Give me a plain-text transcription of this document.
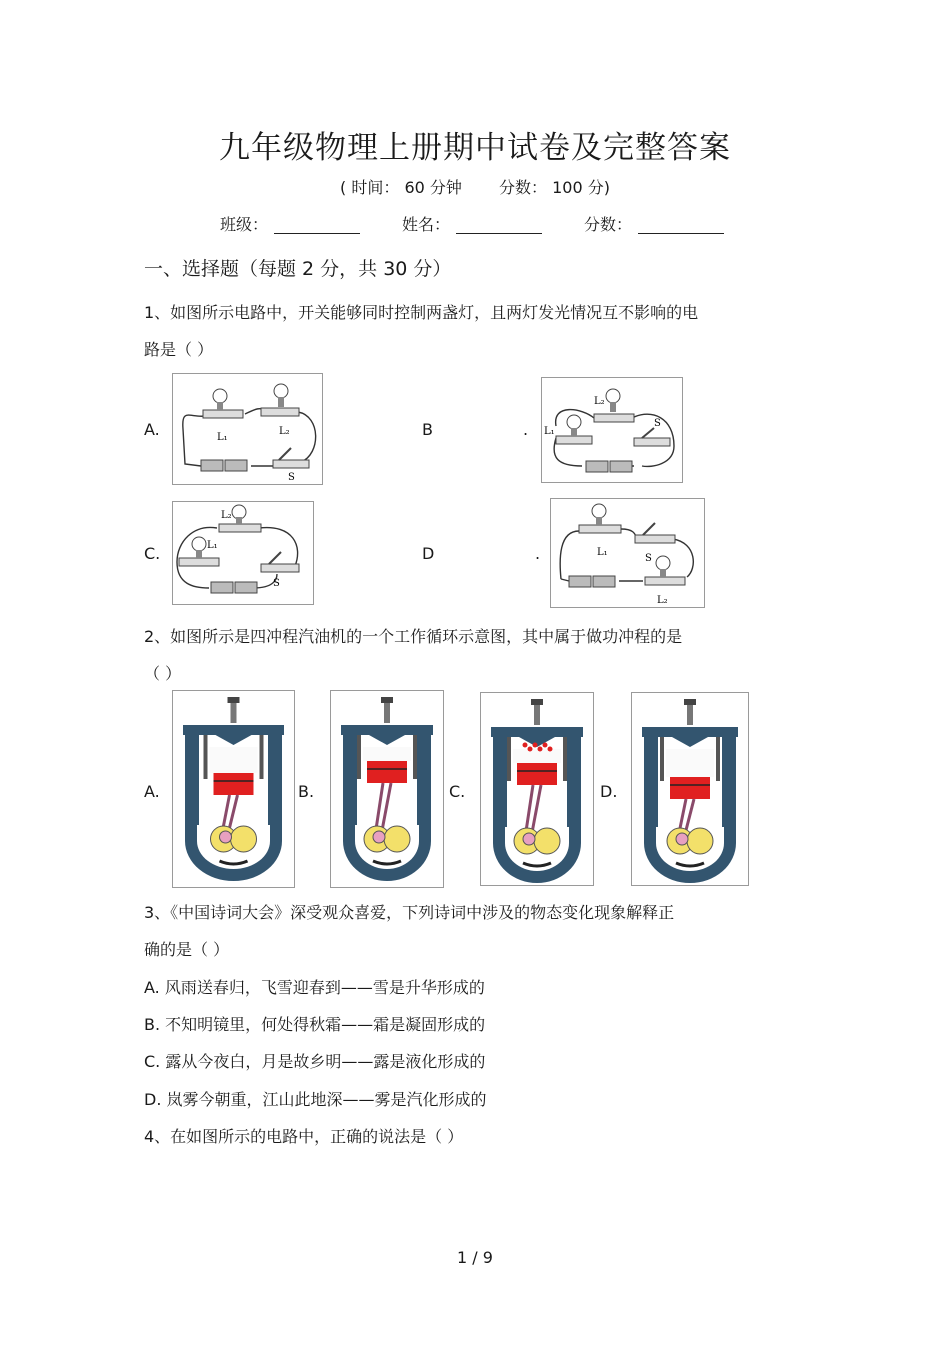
九年级物理上册期中试卷及完整答案
( 时间： 60 分钟 分数： 100 分)
班级：	姓名：	分数：
一、选择题（每题 2 分，共 30 分）
1、如图所示电路中，开关能够同时控制两盏灯，且两灯发光情况互不影响的电
路是（ ）
A.	B	.
C.	D	.
L₁
L₂
S
L₂
L₁
S
L₂
L₁
S
L₁
S
L₂
2、如图所示是四冲程汽油机的一个工作循环示意图，其中属于做功冲程的是
（ ）
A.	B.	C.	D.
3、《中国诗词大会》深受观众喜爱，下列诗词中涉及的物态变化现象解释正
确的是（ ）
A. 风雨送春归，飞雪迎春到——雪是升华形成的
B. 不知明镜里，何处得秋霜——霜是凝固形成的
C. 露从今夜白，月是故乡明——露是液化形成的
D. 岚雾今朝重，江山此地深——雾是汽化形成的
4、在如图所示的电路中，正确的说法是（ ）
1 / 9
